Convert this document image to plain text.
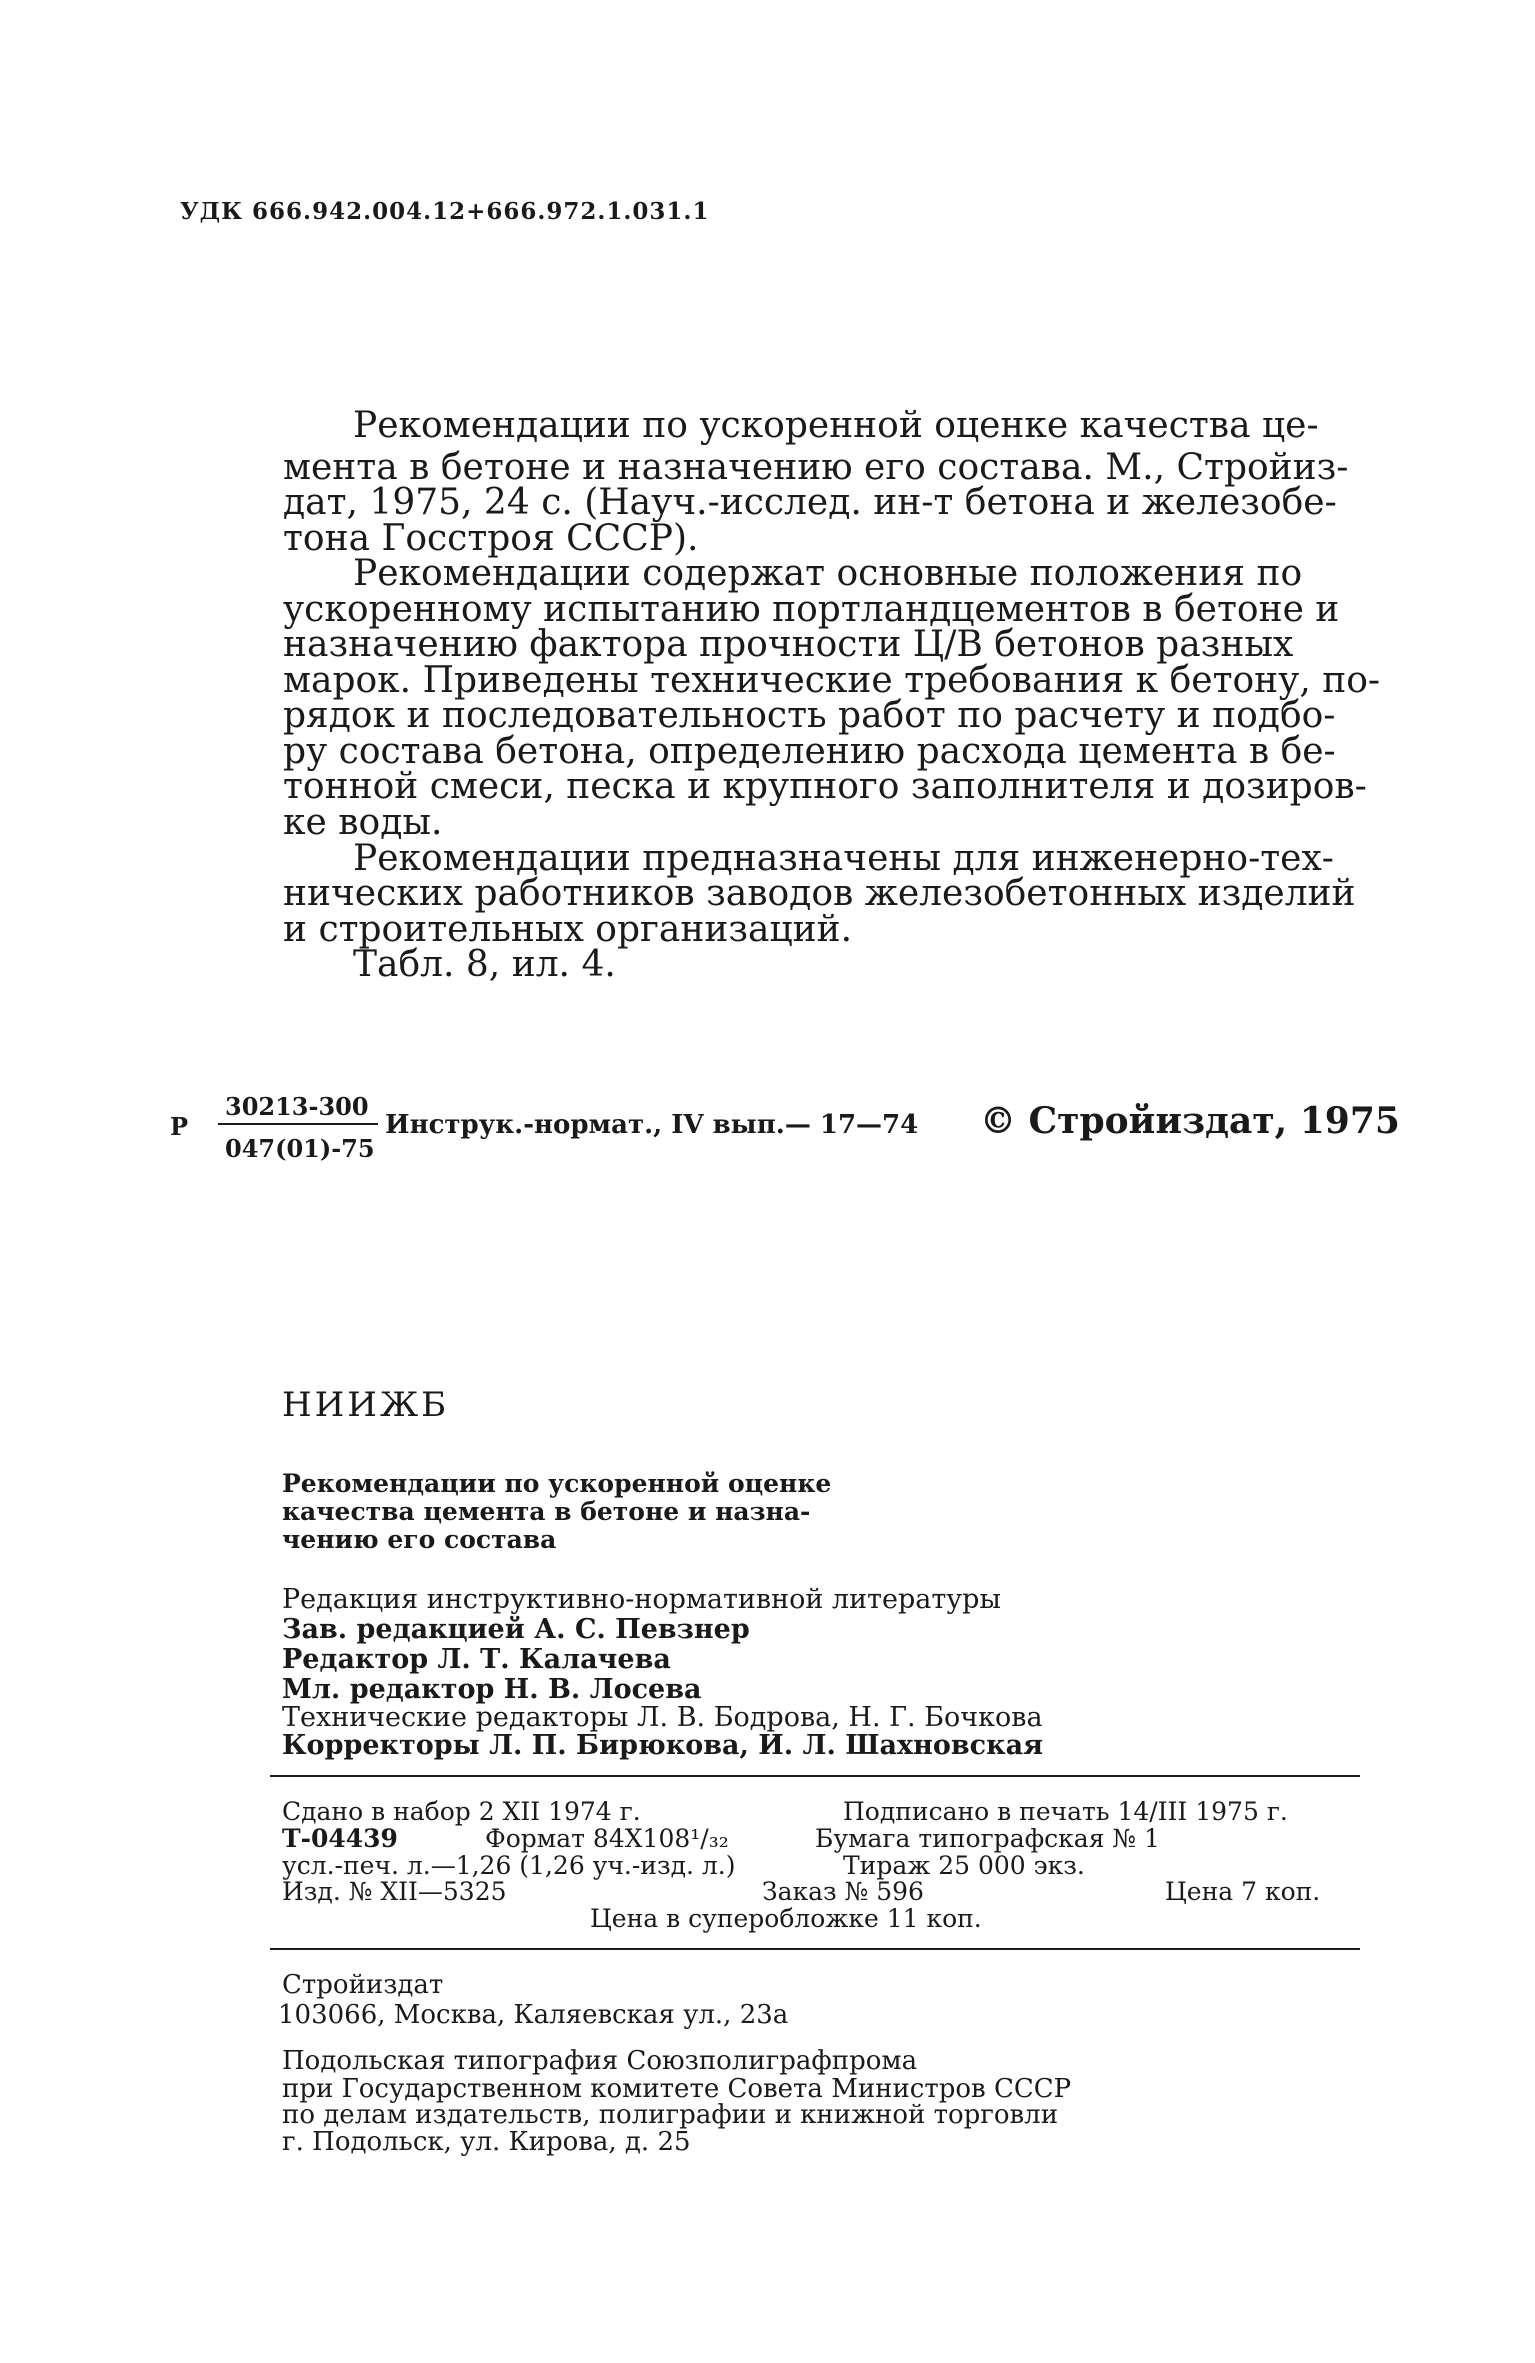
УДК 666.942.004.12+666.972.1.031.1
Рекомендации по ускоренной оценке качества це-
мента в бетоне и назначению его состава. М., Стройиз-
дат, 1975, 24 с. (Науч.-исслед. ин-т бетона и железобе-
тона Госстроя СССР).
Рекомендации содержат основные положения по
ускоренному испытанию портландцементов в бетоне и
назначению фактора прочности Ц/В бетонов разных
марок. Приведены технические требования к бетону, по-
рядок и последовательность работ по расчету и подбо-
ру состава бетона, определению расхода цемента в бе-
тонной смеси, песка и крупного заполнителя и дозиров-
ке воды.
Рекомендации предназначены для инженерно-тех-
нических работников заводов железобетонных изделий
и строительных организаций.
Табл. 8, ил. 4.
Р
30213-300
047(01)-75
Инструк.-нормат., IV вып.— 17—74 © Стройиздат, 1975
НИИЖБ
Рекомендации по ускоренной оценке
качества цемента в бетоне и назна-
чению его состава
Редакция инструктивно-нормативной литературы
Зав. редакцией А. С. Певзнер
Редактор Л. Т. Калачева
Мл. редактор Н. В. Лосева
Технические редакторы Л. В. Бодрова, Н. Г. Бочкова
Корректоры Л. П. Бирюкова, И. Л. Шахновская
Сдано в набор 2 XII 1974 г.	Подписано в печать 14/III 1975 г.
Т-04439	Формат 84Х108¹/₃₂	Бумага типографская № 1
усл.-печ. л.—1,26 (1,26 уч.-изд. л.)	Тираж 25 000 экз.
Изд. № XII—5325	Заказ № 596	Цена 7 коп.
Цена в суперобложке 11 коп.
Стройиздат
103066, Москва, Каляевская ул., 23а
Подольская типография Союзполиграфпрома
при Государственном комитете Совета Министров СССР
по делам издательств, полиграфии и книжной торговли
г. Подольск, ул. Кирова, д. 25
